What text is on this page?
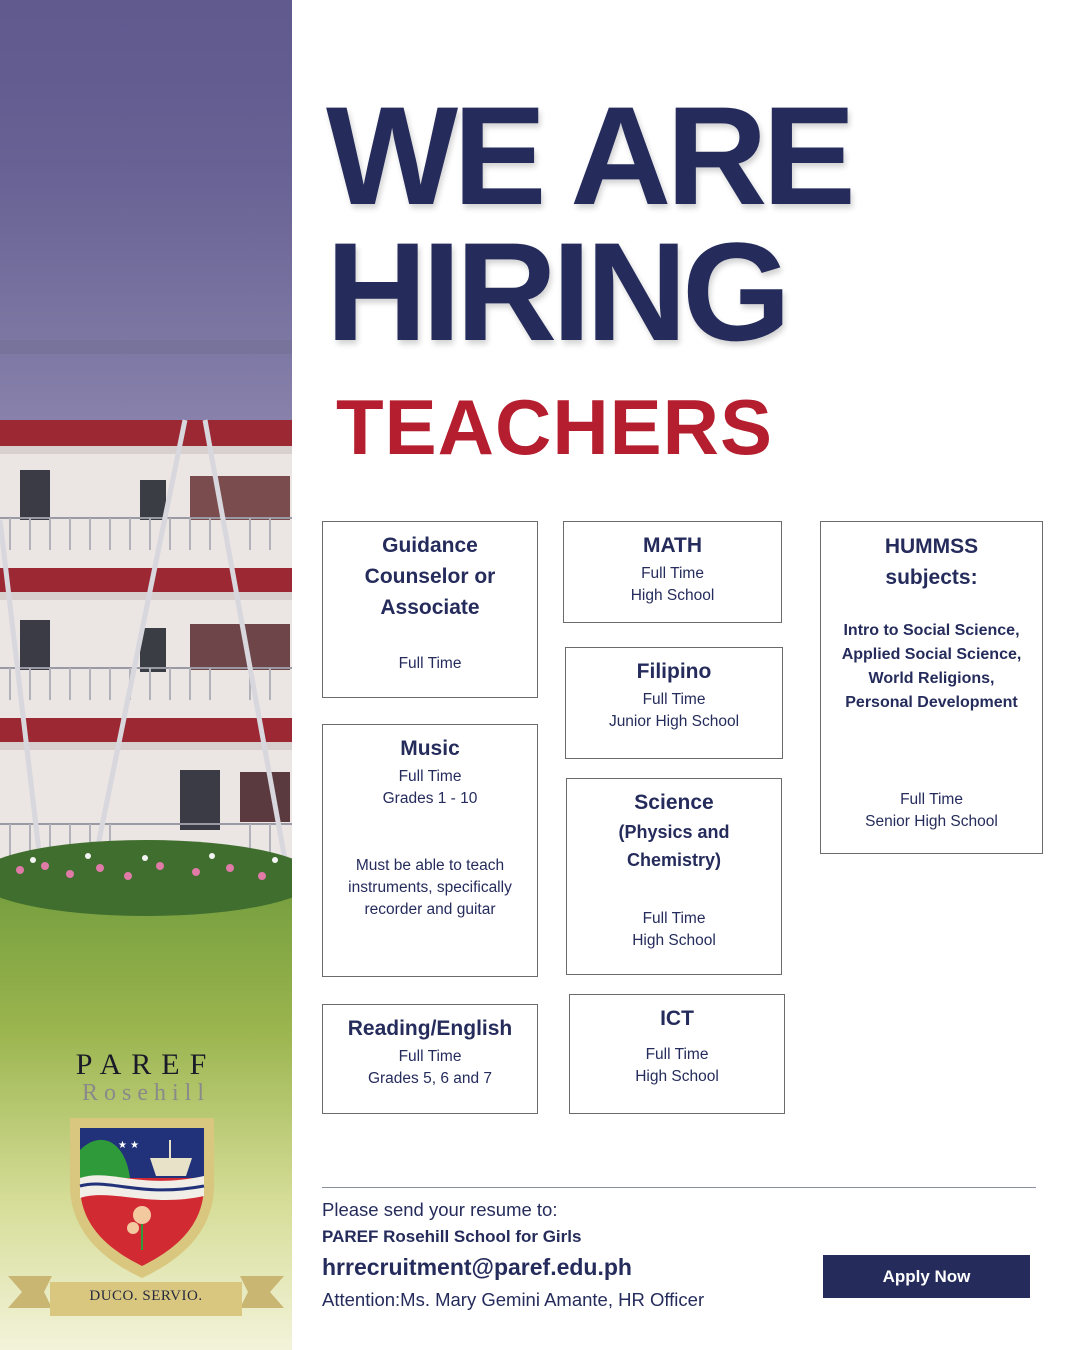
★ ★
PAREF
Rosehill
DUCO. SERVIO.
WE ARE
HIRING
TEACHERS

Guidance Counselor or Associate

Full Time

MATH

Full Time

High School

Filipino

Full Time

Junior High School

HUMMSS subjects:

Intro to Social Science,

Applied Social Science,

World Religions,

Personal Development

Full Time

Senior High School

Music

Full Time

Grades 1 - 10

Must be able to teach instruments, specifically recorder and guitar

Science

(Physics and Chemistry)

Full Time

High School

Reading/English

Full Time

Grades 5, 6 and 7

ICT

Full Time

High School

Please send your resume to:

PAREF Rosehill School for Girls

hrrecruitment@paref.edu.ph

Attention:Ms. Mary Gemini Amante, HR Officer

Apply Now
